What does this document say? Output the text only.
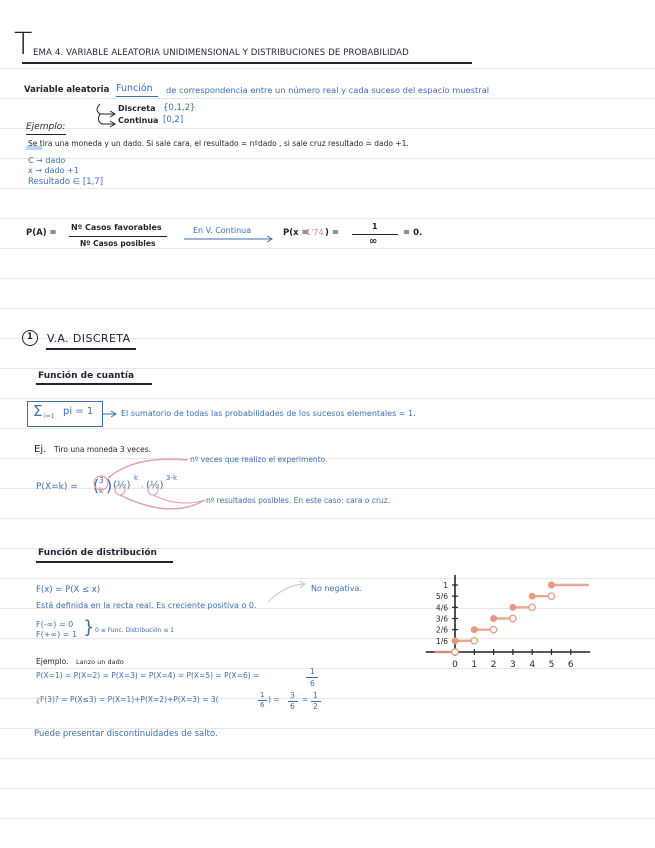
T EMA 4. VARIABLE ALEATORIA UNIDIMENSIONAL Y DISTRIBUCIONES DE PROBABILIDAD
Variable aleatoria Función de correspondencia entre un número real y cada suceso del espacio muestral
Discreta {0,1,2}
Continua [0,2]
Ejemplo:
Se tira una moneda y un dado. Si sale cara, el resultado = nºdado , si sale cruz resultado = dado +1.
C → dado
x → dado +1
Resultado ∈ [1,7]
P(A) =
Nº Casos favorables
Nº Casos posibles
En V. Continua	P(x =
1'74 ) =
1
∞
= 0.
1 V.A. DISCRETA
Función de cuantía
Σ i=1 pi = 1	El sumatorio de todas las probabilidades de los sucesos elementales = 1.
Ej. Tiro una moneda 3 veces.
nº veces que realizo el experimento.
P(X=k) = ( 3
k ) (½)
k
· (½)
3-k
nº resultados posibles. En este caso: cara o cruz.
Función de distribución
F(x) = P(X ≤ x)	No negativa.
Está definida en la recta real. Es creciente positiva o 0.
F(-∞) = 0
F(+∞) = 1 } 0 ≤ Func. Distribución ≤ 1
Ejemplo. Lanzo un dado
P(X=1) = P(X=2) = P(X=3) = P(X=4) = P(X=5) = P(X=6) =	1
6
¿F(3)? = P(X≤3) = P(X=1)+P(X=2)+P(X=3) = 3(	1
6
) = 3
6
= 1
2
Puede presentar discontinuidades de salto.
0 1 2 3 4 5 6
1/6
2/6
3/6
4/6
5/6
1
